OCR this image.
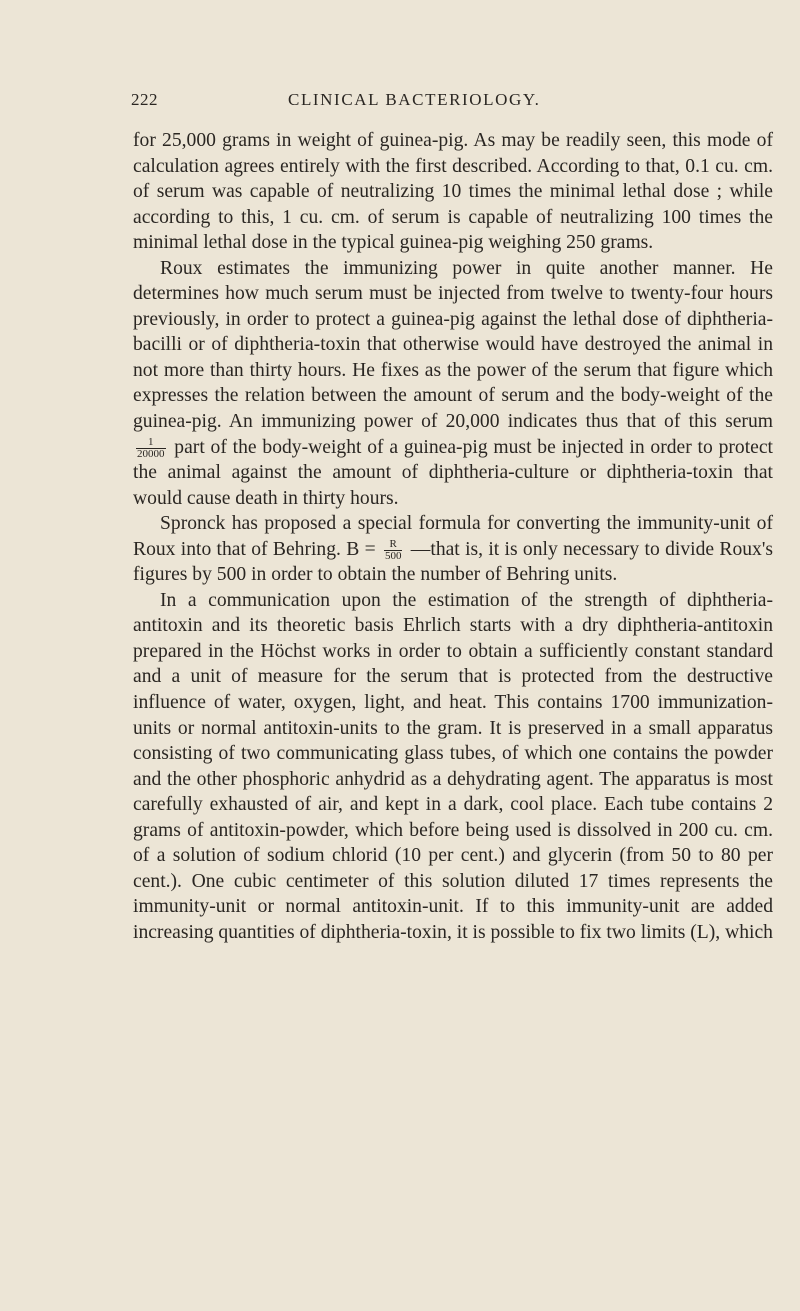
222	CLINICAL BACTERIOLOGY.

for 25,000 grams in weight of guinea-pig. As may be readily seen, this mode of calculation agrees entirely with the first described. According to that, 0.1 cu. cm. of serum was capable of neutralizing 10 times the minimal lethal dose ; while according to this, 1 cu. cm. of serum is capable of neutralizing 100 times the minimal lethal dose in the typical guinea-pig weighing 250 grams.

Roux estimates the immunizing power in quite another manner. He determines how much serum must be injected from twelve to twenty-four hours previously, in order to protect a guinea-pig against the lethal dose of diphtheria-bacilli or of diphtheria-toxin that otherwise would have destroyed the animal in not more than thirty hours. He fixes as the power of the serum that figure which expresses the relation between the amount of serum and the body-weight of the guinea-pig. An immunizing power of 20,000 indicates thus that of this serum
$\frac{1}{20000}$ part of the body-weight of a guinea-pig must be injected in order to protect the animal against the amount of diphtheria-culture or diphtheria-toxin that would cause death in thirty hours.

Spronck has proposed a special formula for converting the immunity-unit of Roux into that of Behring. $B = \frac{R}{500}$ —that is, it is only necessary to divide Roux's figures by 500 in order to obtain the number of Behring units.

In a communication upon the estimation of the strength of diphtheria-antitoxin and its theoretic basis Ehrlich starts with a dry diphtheria-antitoxin prepared in the Höchst works in order to obtain a sufficiently constant standard and a unit of measure for the serum that is protected from the destructive influence of water, oxygen, light, and heat. This contains 1700 immunization-units or normal antitoxin-units to the gram. It is preserved in a small apparatus consisting of two communicating glass tubes, of which one contains the powder and the other phosphoric anhydrid as a dehydrating agent. The apparatus is most carefully exhausted of air, and kept in a dark, cool place. Each tube contains 2 grams of antitoxin-powder, which before being used is dissolved in 200 cu. cm. of a solution of sodium chlorid (10 per cent.) and glycerin (from 50 to 80 per cent.). One cubic centimeter of this solution diluted 17 times represents the immunity-unit or normal antitoxin-unit. If to this immunity-unit are added increasing quantities of diphtheria-toxin, it is possible to fix two limits (L), which
